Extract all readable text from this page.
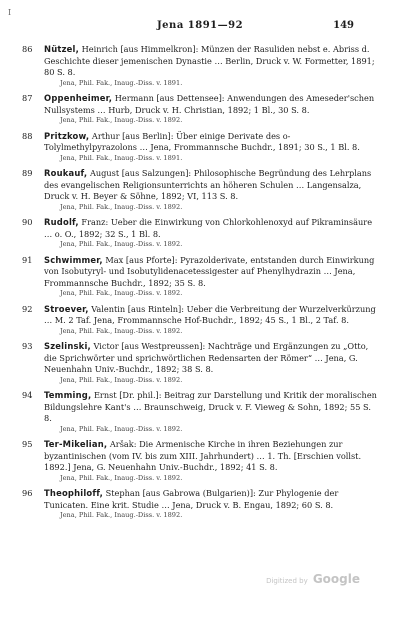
I
Jena 1891—92	149
86 Nützel, Heinrich [aus Himmelkron]: Münzen der Rasuliden nebst e. Abriss d. Geschichte dieser jemenischen Dynastie … Berlin, Druck v. W. Formetter, 1891; 80 S. 8.
Jena, Phil. Fak., Inaug.-Diss. v. 1891.
87 Oppenheimer, Hermann [aus Dettensee]: Anwendungen des Ameseder'schen Nullsystems … Hurb, Druck v. H. Christian, 1892; 1 Bl., 30 S. 8.
Jena, Phil. Fak., Inaug.-Diss. v. 1892.
88 Pritzkow, Arthur [aus Berlin]: Über einige Derivate des o-Tolylmethylpyrazolons … Jena, Frommannsche Buchdr., 1891; 30 S., 1 Bl. 8.
Jena, Phil. Fak., Inaug.-Diss. v. 1891.
89 Roukauf, August [aus Salzungen]: Philosophische Begründung des Lehrplans des evangelischen Religionsunterrichts an höheren Schulen … Langensalza, Druck v. H. Beyer & Söhne, 1892; VI, 113 S. 8.
Jena, Phil. Fak., Inaug.-Diss. v. 1892.
90 Rudolf, Franz: Ueber die Einwirkung von Chlorkohlenoxyd auf Pikraminsäure … o. O., 1892; 32 S., 1 Bl. 8.
Jena, Phil. Fak., Inaug.-Diss. v. 1892.
91 Schwimmer, Max [aus Pforte]: Pyrazolderivate, entstanden durch Einwirkung von Isobutyryl- und Isobutylidenacetessigester auf Phenylhydrazin … Jena, Frommannsche Buchdr., 1892; 35 S. 8.
Jena, Phil. Fak., Inaug.-Diss. v. 1892.
92 Stroever, Valentin [aus Rinteln]: Ueber die Verbreitung der Wurzelverkürzung … M. 2 Taf. Jena, Frommannsche Hof-Buchdr., 1892; 45 S., 1 Bl., 2 Taf. 8.
Jena, Phil. Fak., Inaug.-Diss. v. 1892.
93 Szelinski, Victor [aus Westpreussen]: Nachträge und Ergänzungen zu „Otto, die Sprichwörter und sprichwörtlichen Redensarten der Römer“ … Jena, G. Neuenhahn Univ.-Buchdr., 1892; 38 S. 8.
Jena, Phil. Fak., Inaug.-Diss. v. 1892.
94 Temming, Ernst [Dr. phil.]: Beitrag zur Darstellung und Kritik der moralischen Bildungslehre Kant's … Braunschweig, Druck v. F. Vieweg & Sohn, 1892; 55 S. 8.
Jena, Phil. Fak., Inaug.-Diss. v. 1892.
95 Ter-Mikelian, Aršak: Die Armenische Kirche in ihren Beziehungen zur byzantinischen (vom IV. bis zum XIII. Jahrhundert) … 1. Th. [Erschien vollst. 1892.] Jena, G. Neuenhahn Univ.-Buchdr., 1892; 41 S. 8.
Jena, Phil. Fak., Inaug.-Diss. v. 1892.
96 Theophiloff, Stephan [aus Gabrowa (Bulgarien)]: Zur Phylogenie der Tunicaten. Eine krit. Studie … Jena, Druck v. B. Engau, 1892; 60 S. 8.
Jena, Phil. Fak., Inaug.-Diss. v. 1892.
Digitized by Google
